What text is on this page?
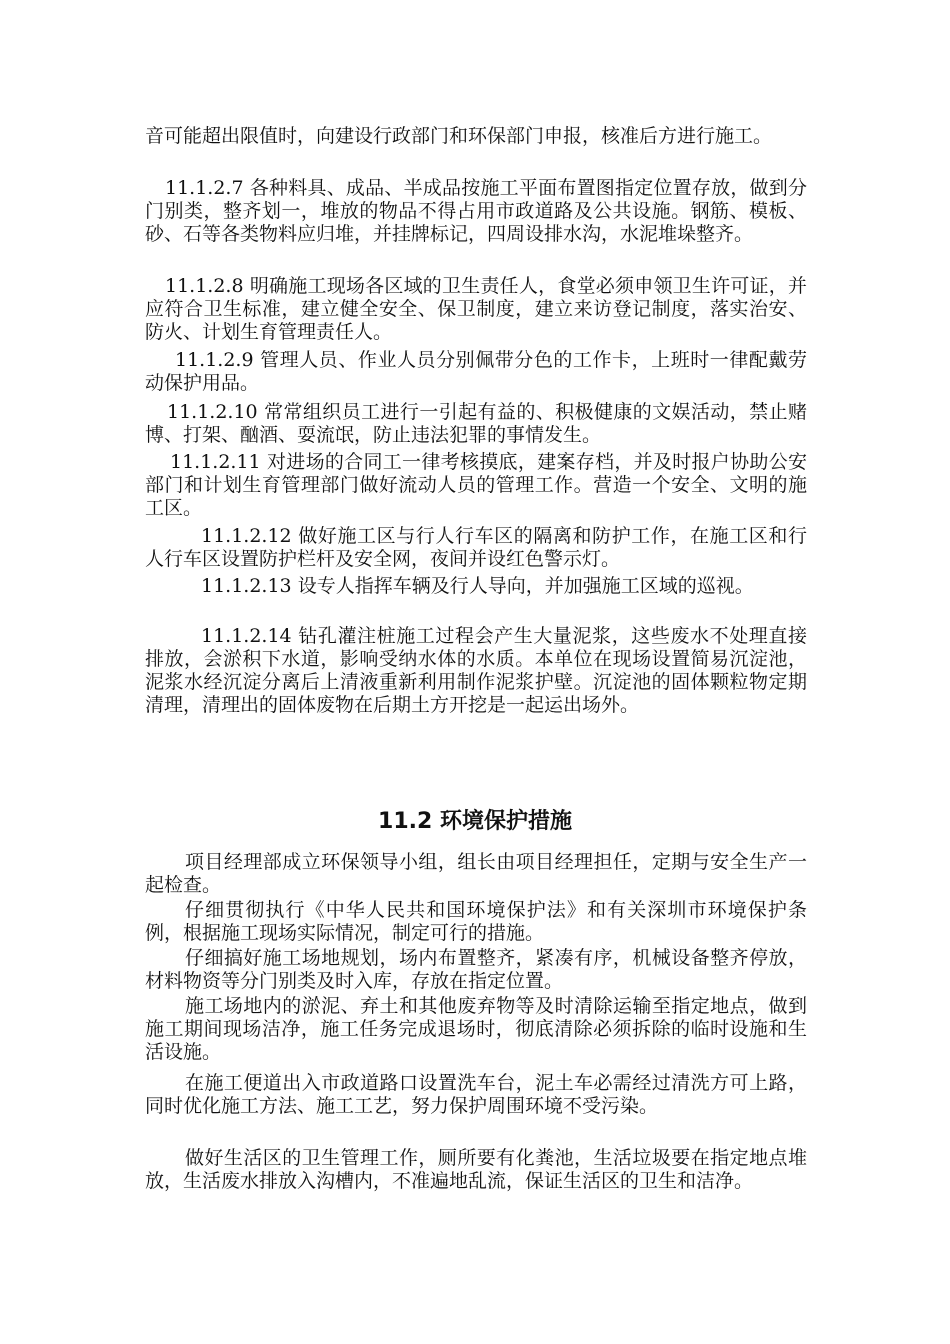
音可能超出限值时，向建设行政部门和环保部门申报，核准后方进行施工。

11.1.2.7 各种料具、成品、半成品按施工平面布置图指定位置存放，做到分门别类，整齐划一，堆放的物品不得占用市政道路及公共设施。钢筋、模板、砂、石等各类物料应归堆，并挂牌标记，四周设排水沟，水泥堆垛整齐。

11.1.2.8 明确施工现场各区域的卫生责任人，食堂必须申领卫生许可证，并应符合卫生标准，建立健全安全、保卫制度，建立来访登记制度，落实治安、防火、计划生育管理责任人。

11.1.2.9 管理人员、作业人员分别佩带分色的工作卡，上班时一律配戴劳动保护用品。

11.1.2.10 常常组织员工进行一引起有益的、积极健康的文娱活动，禁止赌博、打架、酗酒、耍流氓，防止违法犯罪的事情发生。

11.1.2.11 对进场的合同工一律考核摸底，建案存档，并及时报户协助公安部门和计划生育管理部门做好流动人员的管理工作。营造一个安全、文明的施工区。

11.1.2.12 做好施工区与行人行车区的隔离和防护工作，在施工区和行人行车区设置防护栏杆及安全网，夜间并设红色警示灯。

11.1.2.13 设专人指挥车辆及行人导向，并加强施工区域的巡视。

11.1.2.14 钻孔灌注桩施工过程会产生大量泥浆，这些废水不处理直接排放，会淤积下水道，影响受纳水体的水质。本单位在现场设置简易沉淀池，泥浆水经沉淀分离后上清液重新利用制作泥浆护壁。沉淀池的固体颗粒物定期清理，清理出的固体废物在后期土方开挖是一起运出场外。

11.2 环境保护措施

项目经理部成立环保领导小组，组长由项目经理担任，定期与安全生产一起检查。

仔细贯彻执行《中华人民共和国环境保护法》和有关深圳市环境保护条例，根据施工现场实际情况，制定可行的措施。

仔细搞好施工场地规划，场内布置整齐，紧凑有序，机械设备整齐停放，材料物资等分门别类及时入库，存放在指定位置。

施工场地内的淤泥、弃土和其他废弃物等及时清除运输至指定地点，做到施工期间现场洁净，施工任务完成退场时，彻底清除必须拆除的临时设施和生活设施。

在施工便道出入市政道路口设置洗车台，泥土车必需经过清洗方可上路，同时优化施工方法、施工工艺，努力保护周围环境不受污染。

做好生活区的卫生管理工作，厕所要有化粪池，生活垃圾要在指定地点堆放，生活废水排放入沟槽内，不准遍地乱流，保证生活区的卫生和洁净。
